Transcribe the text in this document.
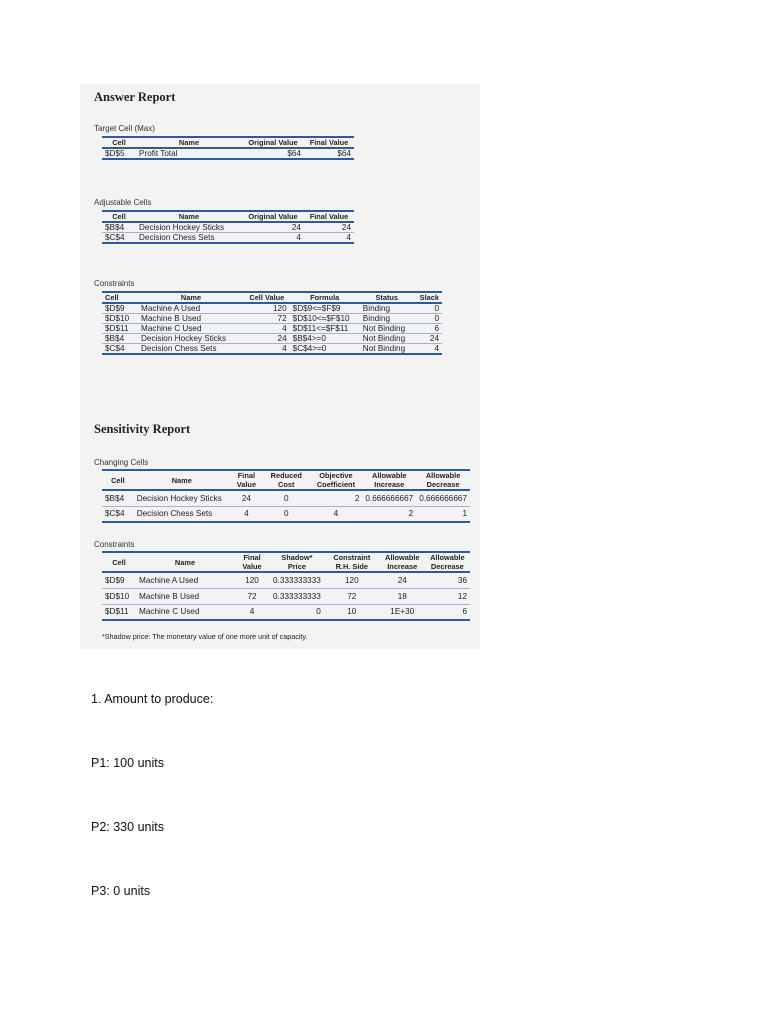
Answer Report
Target Cell (Max)
Cell	Name	Original Value	Final Value
$D$5	Profit Total	$64	$64
Adjustable Cells
Cell	Name	Original Value	Final Value
$B$4	Decision Hockey Sticks	24	24
$C$4	Decision Chess Sets	4	4
Constraints
Cell	Name	Cell Value	Formula	Status	Slack
$D$9	Machine A Used	120	$D$9<=$F$9	Binding	0
$D$10	Machine B Used	72	$D$10<=$F$10	Binding	0
$D$11	Machine C Used	4	$D$11<=$F$11	Not Binding	6
$B$4	Decision Hockey Sticks	24	$B$4>=0	Not Binding	24
$C$4	Decision Chess Sets	4	$C$4>=0	Not Binding	4
Sensitivity Report
Changing Cells
Cell	Name	Final Value	Reduced Cost	Objective Coefficient	Allowable Increase	Allowable Decrease
$B$4	Decision Hockey Sticks	24	0	2	0.666666667	0.666666667
$C$4	Decision Chess Sets	4	0	4	2	1
Constraints
Cell	Name	Final Value	Shadow* Price	Constraint R.H. Side	Allowable Increase	Allowable Decrease
$D$9	Machine A Used	120	0.333333333	120	24	36
$D$10	Machine B Used	72	0.333333333	72	18	12
$D$11	Machine C Used	4	0	10	1E+30	6
*Shadow price: The monetary value of one more unit of capacity.
1. Amount to produce:
P1: 100 units
P2: 330 units
P3: 0 units
